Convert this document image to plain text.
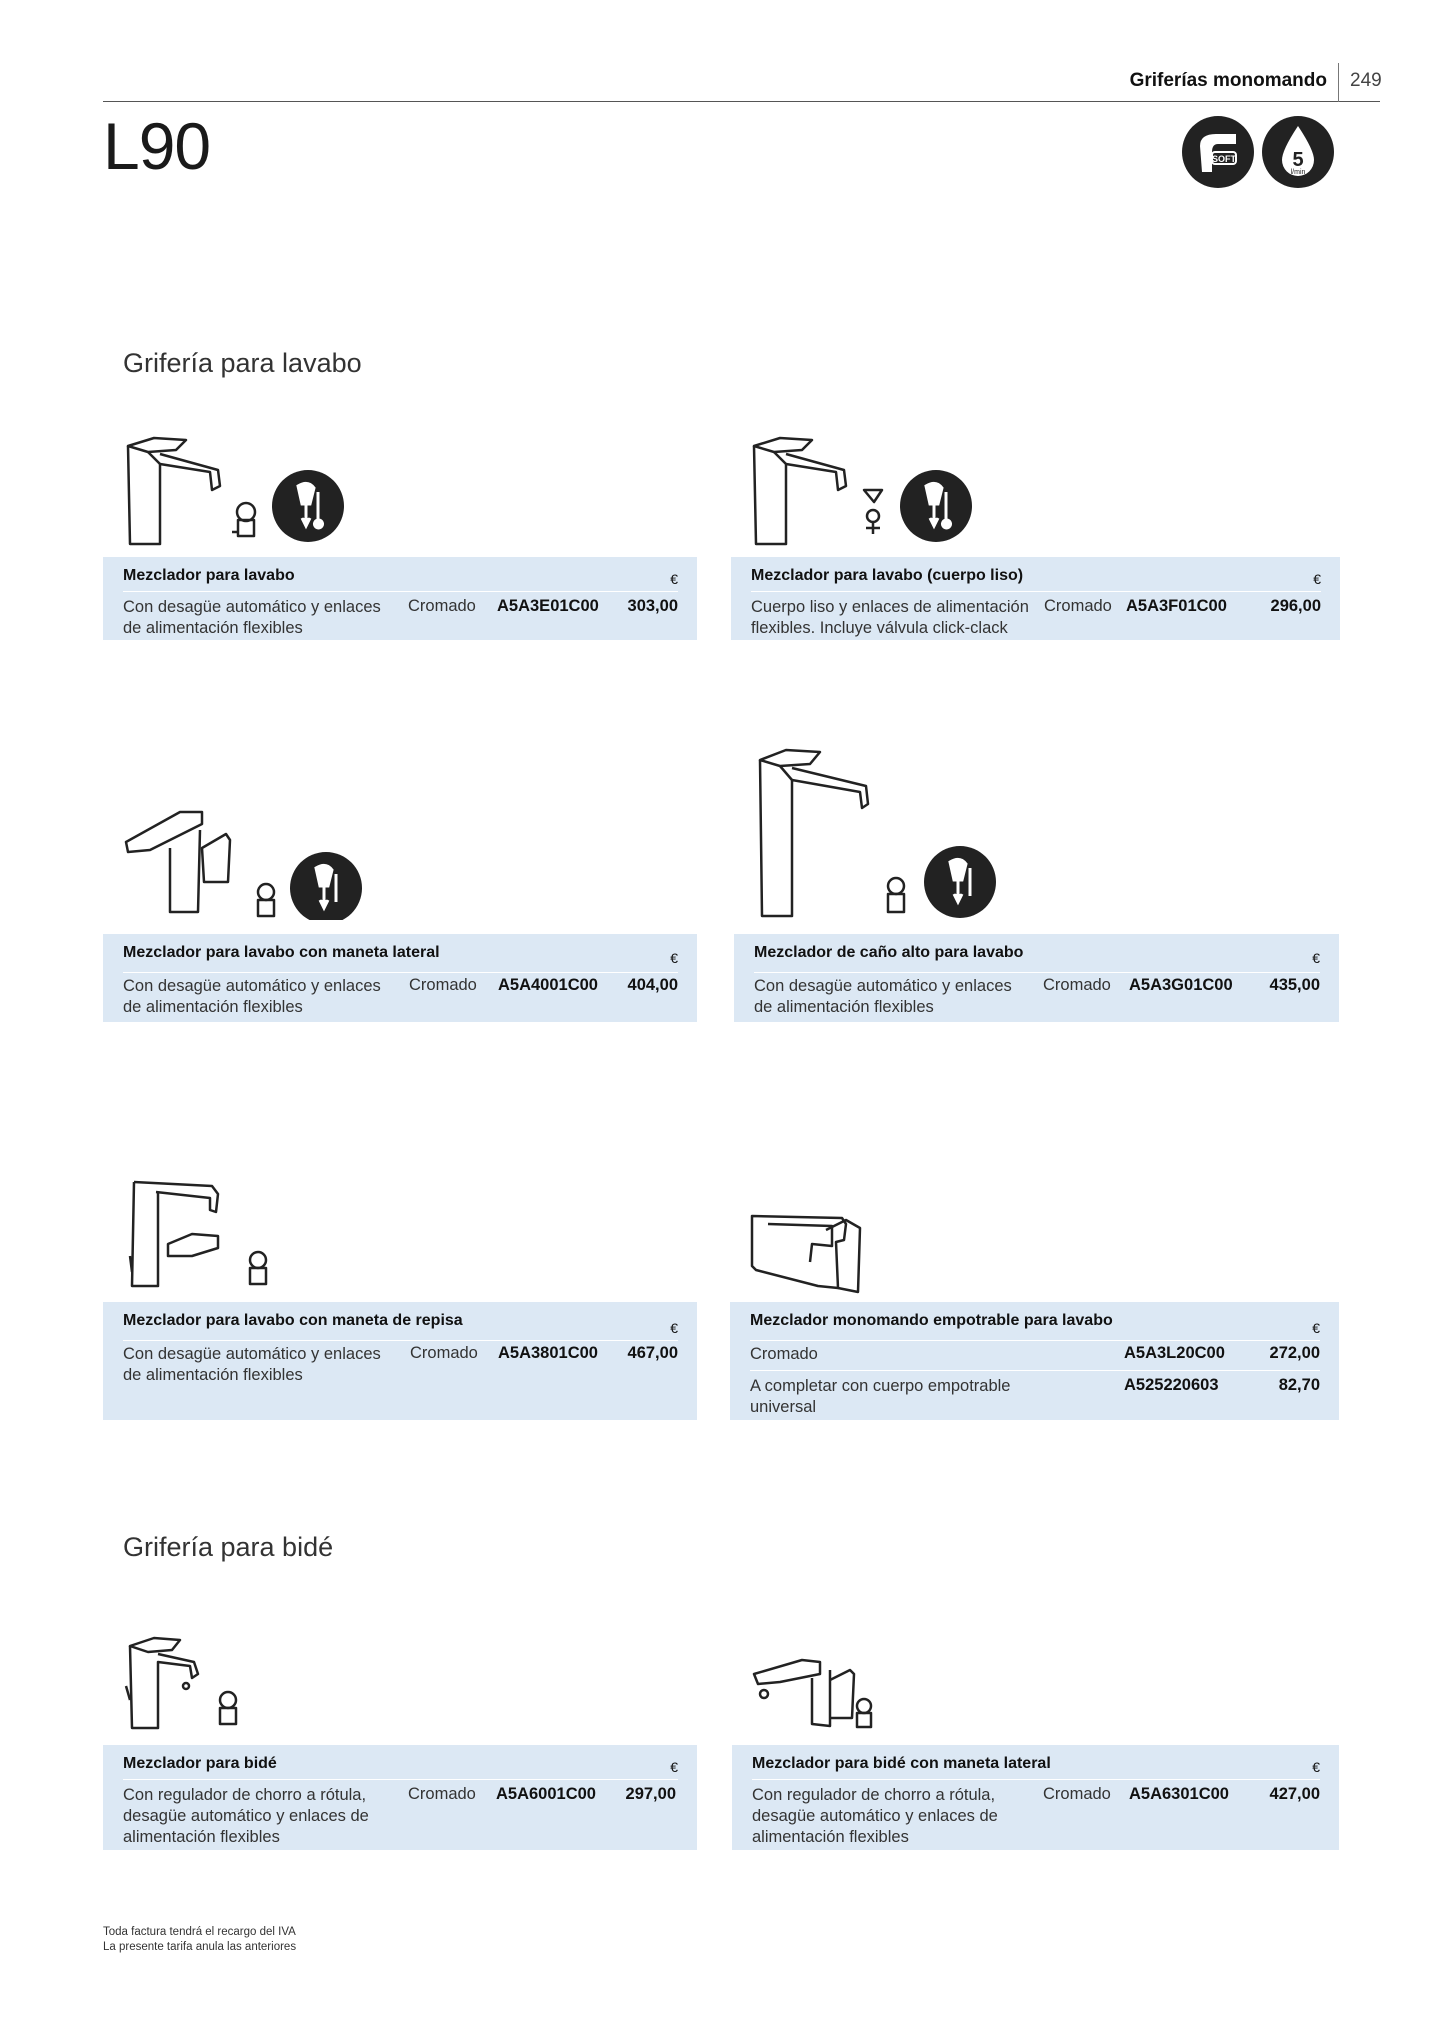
Griferías monomando 249
L90	SOFT	5
l/min
Grifería para lavabo
Mezclador para lavabo	€
Con desagüe automático y enlaces de alimentación flexibles
Cromado A5A3E01C00 303,00
Mezclador para lavabo (cuerpo liso)	€
Cuerpo liso y enlaces de alimentación flexibles. Incluye válvula click-clack
Cromado A5A3F01C00	296,00
Mezclador para lavabo con maneta lateral	€
Con desagüe automático y enlaces de alimentación flexibles
Cromado A5A4001C00 404,00
Mezclador de caño alto para lavabo	€
Con desagüe automático y enlaces de alimentación flexibles
Cromado A5A3G01C00 435,00
Mezclador para lavabo con maneta de repisa	€
Con desagüe automático y enlaces de alimentación flexibles
Cromado A5A3801C00 467,00
Mezclador monomando empotrable para lavabo	€
Cromado	A5A3L20C00	272,00
A completar con cuerpo empotrable universal
A525220603	82,70
Grifería para bidé
Mezclador para bidé	€
Con regulador de chorro a rótula, desagüe automático y enlaces de alimentación flexibles
Cromado A5A6001C00 297,00
Mezclador para bidé con maneta lateral	€
Con regulador de chorro a rótula, desagüe automático y enlaces de alimentación flexibles
Cromado A5A6301C00 427,00
Toda factura tendrá el recargo del IVA
La presente tarifa anula las anteriores
